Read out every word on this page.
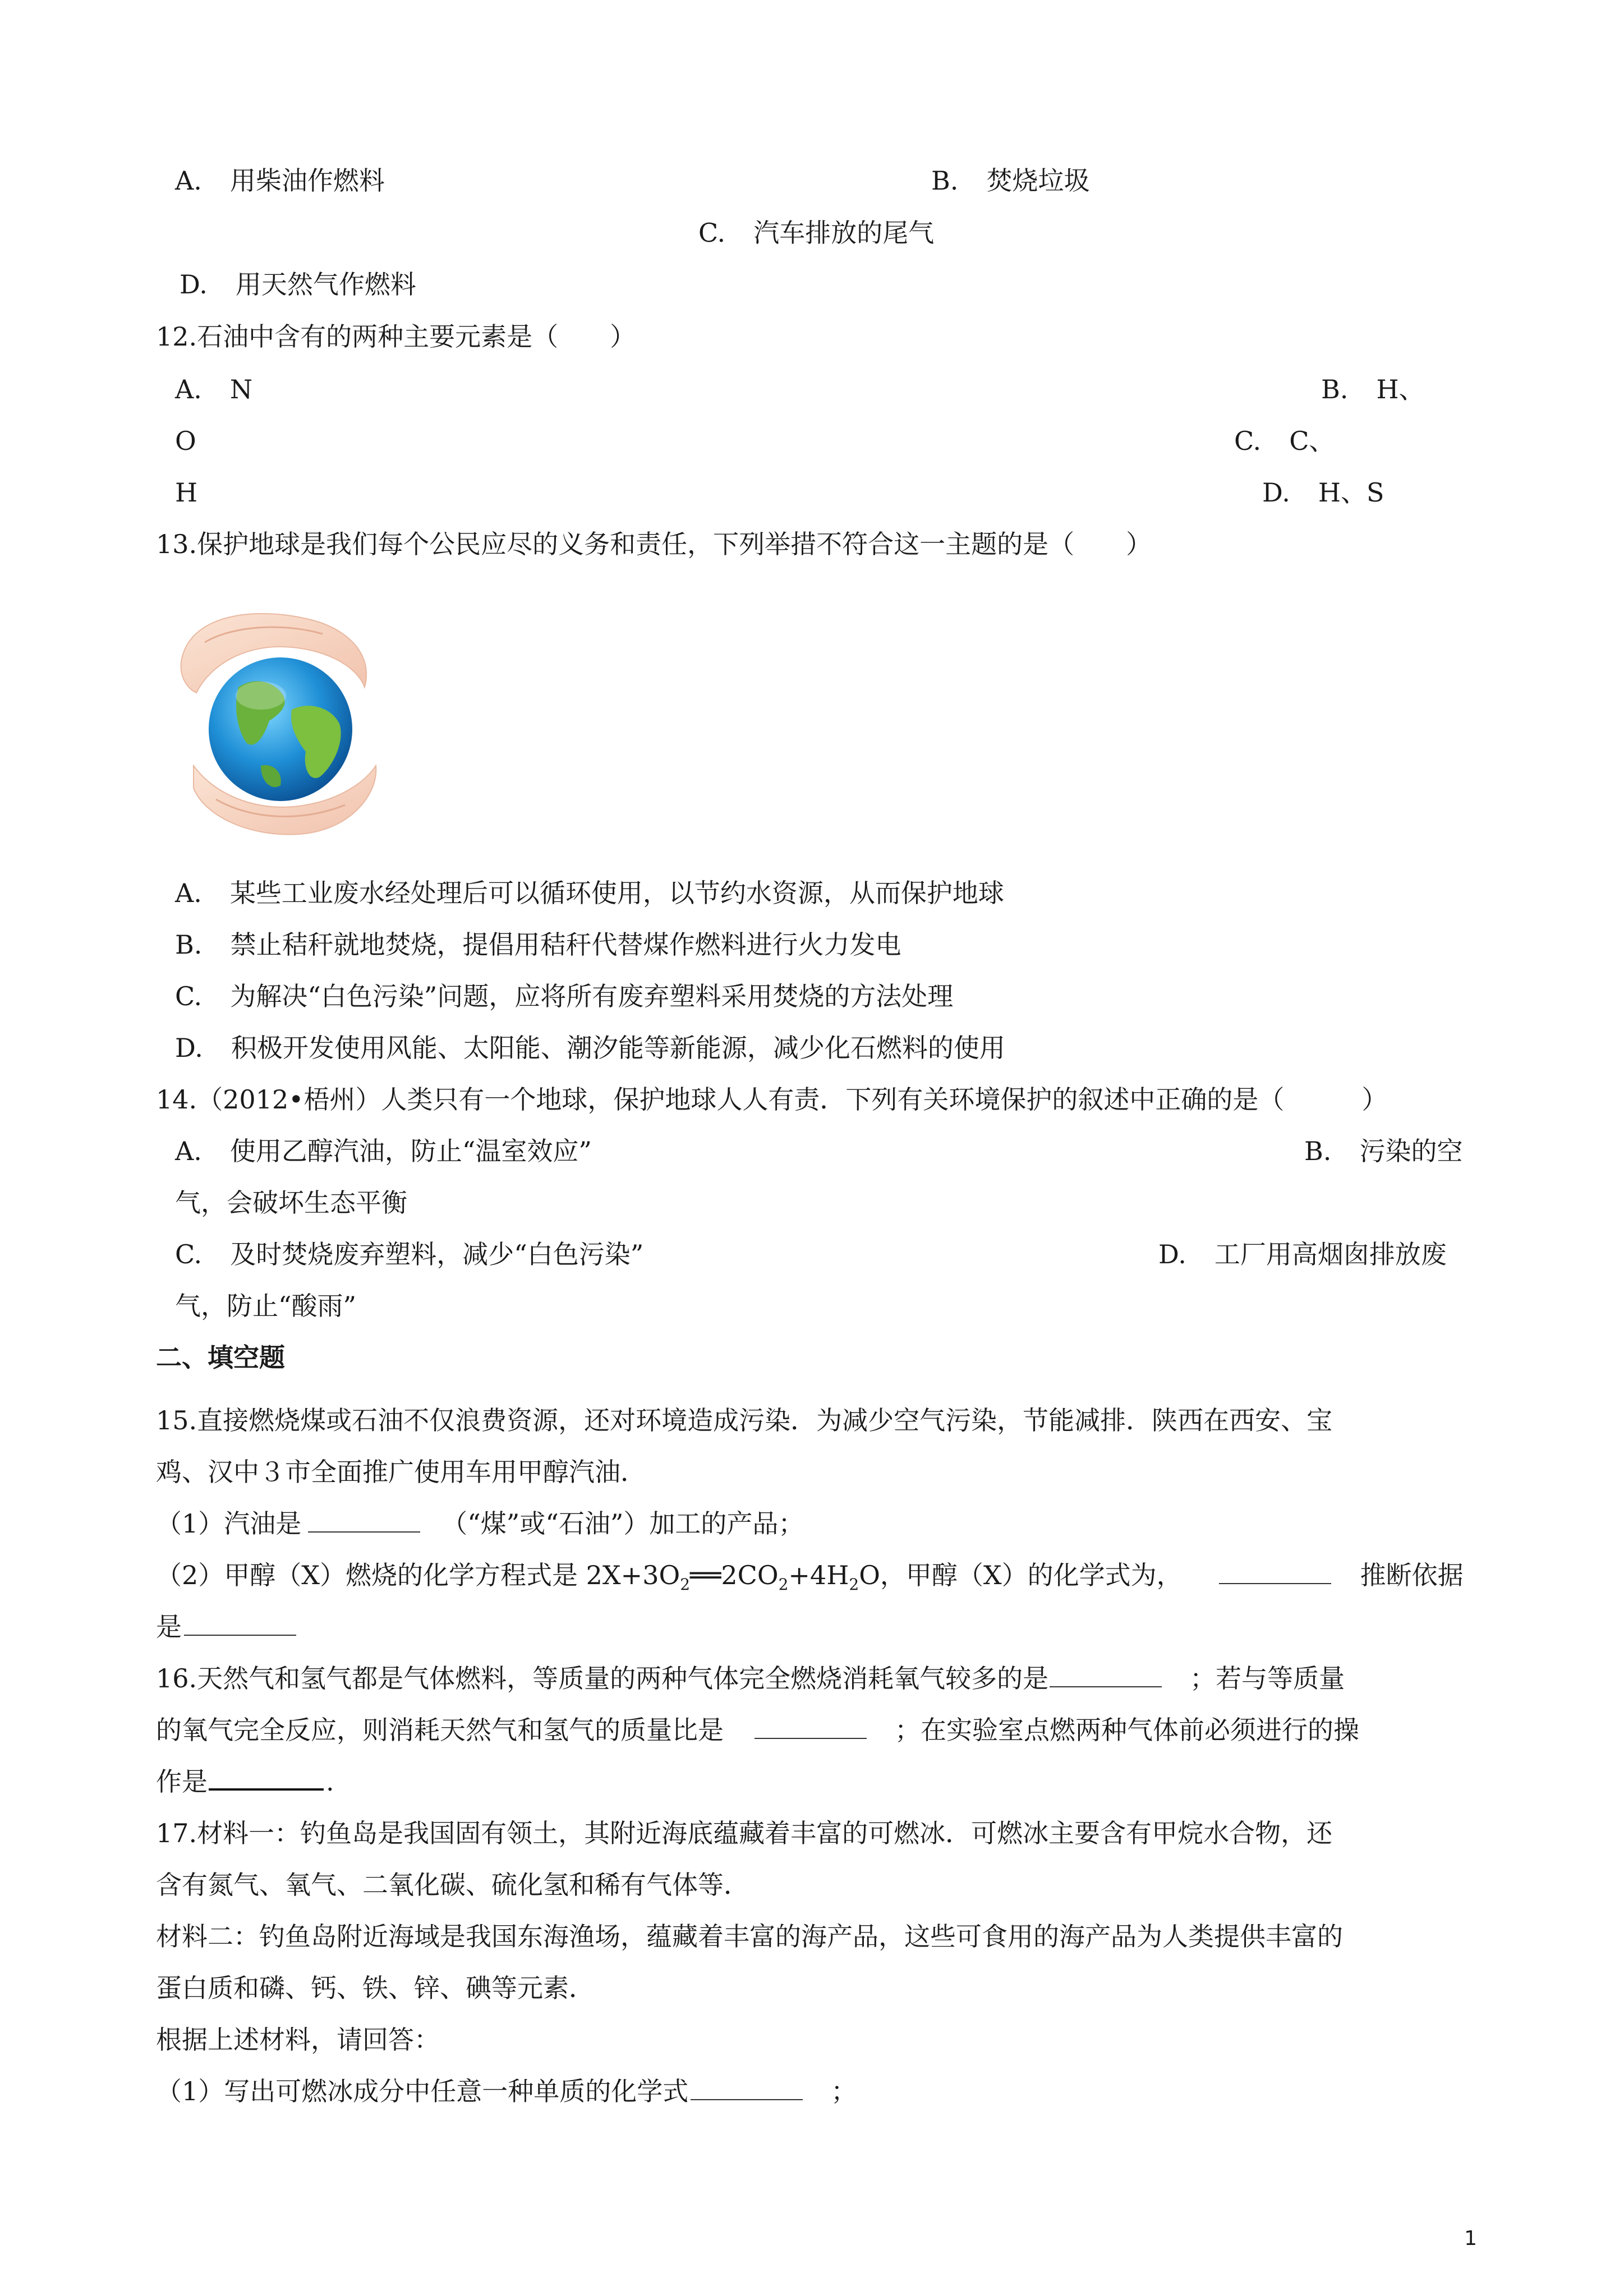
A. 用柴油作燃料	B. 焚烧垃圾
C. 汽车排放的尾气
D. 用天然气作燃料
12.石油中含有的两种主要元素是（　　）
A. N	B. H、
O	C. C、
H	D. H、S
13.保护地球是我们每个公民应尽的义务和责任，下列举措不符合这一主题的是（　　）
A. 某些工业废水经处理后可以循环使用，以节约水资源，从而保护地球
B. 禁止秸秆就地焚烧，提倡用秸秆代替煤作燃料进行火力发电
C. 为解决“白色污染”问题，应将所有废弃塑料采用焚烧的方法处理
D. 积极开发使用风能、太阳能、潮汐能等新能源，减少化石燃料的使用
14.（2012•梧州）人类只有一个地球，保护地球人人有责．下列有关环境保护的叙述中正确的是（　　　）
A. 使用乙醇汽油，防止“温室效应”	B. 污染的空
气，会破坏生态平衡
C. 及时焚烧废弃塑料，减少“白色污染”	D. 工厂用高烟囱排放废
气，防止“酸雨”
二、填空题
15.直接燃烧煤或石油不仅浪费资源，还对环境造成污染．为减少空气污染，节能减排．陕西在西安、宝
鸡、汉中３市全面推广使用车用甲醇汽油．
（1）汽油是	（“煤”或“石油”）加工的产品；
（2）甲醇（X）燃烧的化学方程式是 $2X+3O_2══2CO_2+4H_2O$，甲醇（X）的化学式为，	推断依据
是
16.天然气和氢气都是气体燃料，等质量的两种气体完全燃烧消耗氧气较多的是	；若与等质量
的氧气完全反应，则消耗天然气和氢气的质量比是	；在实验室点燃两种气体前必须进行的操
作是	.
17.材料一：钓鱼岛是我国固有领土，其附近海底蕴藏着丰富的可燃冰．可燃冰主要含有甲烷水合物，还
含有氮气、氧气、二氧化碳、硫化氢和稀有气体等．
材料二：钓鱼岛附近海域是我国东海渔场，蕴藏着丰富的海产品，这些可食用的海产品为人类提供丰富的
蛋白质和磷、钙、铁、锌、碘等元素．
根据上述材料，请回答：
（1）写出可燃冰成分中任意一种单质的化学式	；
1
